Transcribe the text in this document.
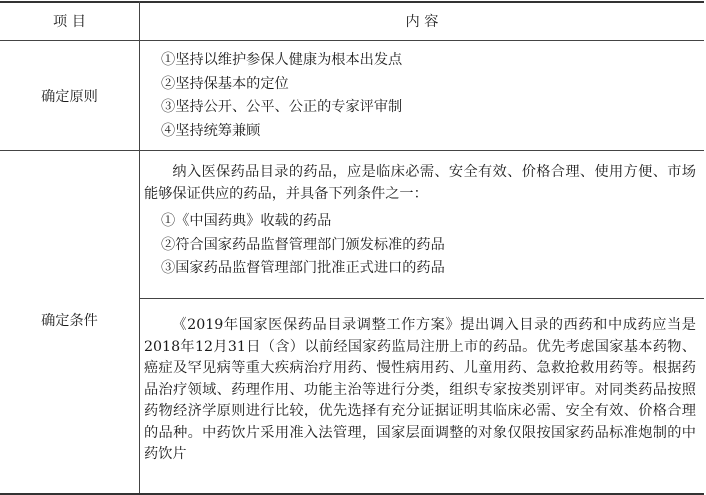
项 目	内 容
确定原则
①坚持以维护参保人健康为根本出发点
②坚持保基本的定位
③坚持公开、公平、公正的专家评审制
④坚持统筹兼顾
确定条件
纳入医保药品目录的药品，应是临床必需、安全有效、价格合理、使用方便、市场能够保证供应的药品，并具备下列条件之一：
①《中国药典》收载的药品
②符合国家药品监督管理部门颁发标准的药品
③国家药品监督管理部门批准正式进口的药品
《2019年国家医保药品目录调整工作方案》提出调入目录的西药和中成药应当是2018年12月31日（含）以前经国家药监局注册上市的药品。优先考虑国家基本药物、癌症及罕见病等重大疾病治疗用药、慢性病用药、儿童用药、急救抢救用药等。根据药品治疗领域、药理作用、功能主治等进行分类，组织专家按类别评审。对同类药品按照药物经济学原则进行比较，优先选择有充分证据证明其临床必需、安全有效、价格合理的品种。中药饮片采用准入法管理，国家层面调整的对象仅限按国家药品标准炮制的中药饮片
